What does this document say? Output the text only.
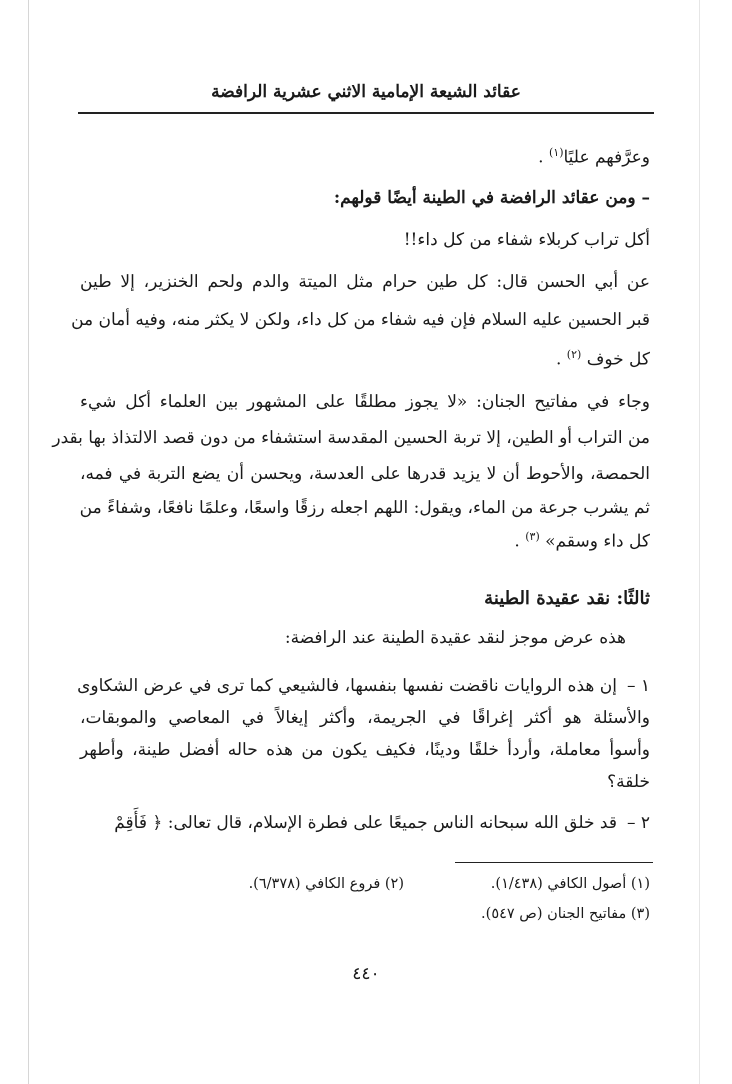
عقائد الشيعة الإمامية الاثني عشرية الرافضة
وعرَّفهم عليًا$^{(١)}$ .
– ومن عقائد الرافضة في الطينة أيضًا قولهم:
أكل تراب كربلاء شفاء من كل داء!!
عن أبي الحسن قال: كل طين حرام مثل الميتة والدم ولحم الخنزير، إلا طين
قبر الحسين عليه السلام فإن فيه شفاء من كل داء، ولكن لا يكثر منه، وفيه أمان من
كل خوف $^{(٢)}$ .
وجاء في مفاتيح الجنان: «لا يجوز مطلقًا على المشهور بين العلماء أكل شيء
من التراب أو الطين، إلا تربة الحسين المقدسة استشفاء من دون قصد الالتذاذ بها بقدر
الحمصة، والأحوط أن لا يزيد قدرها على العدسة، ويحسن أن يضع التربة في فمه،
ثم يشرب جرعة من الماء، ويقول: اللهم اجعله رزقًا واسعًا، وعلمًا نافعًا، وشفاءً من
كل داء وسقم» $^{(٣)}$ .
ثالثًا: نقد عقيدة الطينة
هذه عرض موجز لنقد عقيدة الطينة عند الرافضة:
١ –إن هذه الروايات ناقضت نفسها بنفسها، فالشيعي كما ترى في عرض الشكاوى
والأسئلة هو أكثر إغراقًا في الجريمة، وأكثر إيغالاً في المعاصي والموبقات،
وأسوأ معاملة، وأردأ خلقًا ودينًا، فكيف يكون من هذه حاله أفضل طينة، وأطهر
خلقة؟
٢ –قد خلق الله سبحانه الناس جميعًا على فطرة الإسلام، قال تعالى: ﴿ فَأَقِمْ
(١) أصول الكافي (١/٤٣٨).
(٢) فروع الكافي (٦/٣٧٨).
(٣) مفاتيح الجنان (ص ٥٤٧).
٤٤٠
